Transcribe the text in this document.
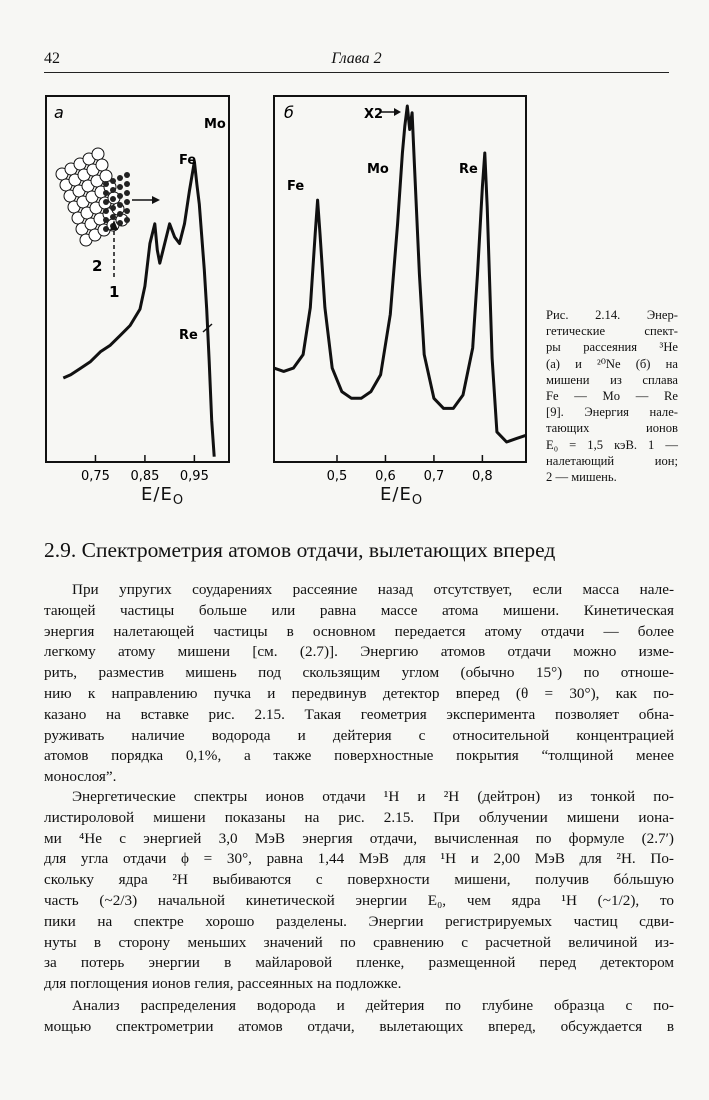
42	Глава 2
а
2
1
Fe
Mo
Re
0,75 0,85 0,95
$E/E_O$
б
Fe
X2
Mo	Re
0,5 0,6 0,7 0,8
$E/E_O$
Рис. 2.14. Энер-
гетические спект-
ры рассеяния ³He
(а) и ²⁰Ne (б) на
мишени из сплава
Fe — Mo — Re
[9]. Энергия нале-
тающих ионов
E₀ = 1,5 кэВ. 1 —
налетающий ион;
2 — мишень.
2.9. Спектрометрия атомов отдачи, вылетающих вперед
При упругих соударениях рассеяние назад отсутствует, если масса нале-
тающей частицы больше или равна массе атома мишени. Кинетическая
энергия налетающей частицы в основном передается атому отдачи — более
легкому атому мишени [см. (2.7)]. Энергию атомов отдачи можно изме-
рить, разместив мишень под скользящим углом (обычно 15°) по отноше-
нию к направлению пучка и передвинув детектор вперед (θ = 30°), как по-
казано на вставке рис. 2.15. Такая геометрия эксперимента позволяет обна-
руживать наличие водорода и дейтерия с относительной концентрацией
атомов порядка 0,1%, а также поверхностные покрытия “толщиной менее
монослоя”.
Энергетические спектры ионов отдачи ¹H и ²H (дейтрон) из тонкой по-
листироловой мишени показаны на рис. 2.15. При облучении мишени иона-
ми ⁴He с энергией 3,0 МэВ энергия отдачи, вычисленная по формуле (2.7′)
для угла отдачи ϕ = 30°, равна 1,44 МэВ для ¹H и 2,00 МэВ для ²H. По-
скольку ядра ²H выбиваются с поверхности мишени, получив бóльшую
часть (~2/3) начальной кинетической энергии E₀, чем ядра ¹H (~1/2), то
пики на спектре хорошо разделены. Энергии регистрируемых частиц сдви-
нуты в сторону меньших значений по сравнению с расчетной величиной из-
за потерь энергии в майларовой пленке, размещенной перед детектором
для поглощения ионов гелия, рассеянных на подложке.
Анализ распределения водорода и дейтерия по глубине образца с по-
мощью спектрометрии атомов отдачи, вылетающих вперед, обсуждается в
